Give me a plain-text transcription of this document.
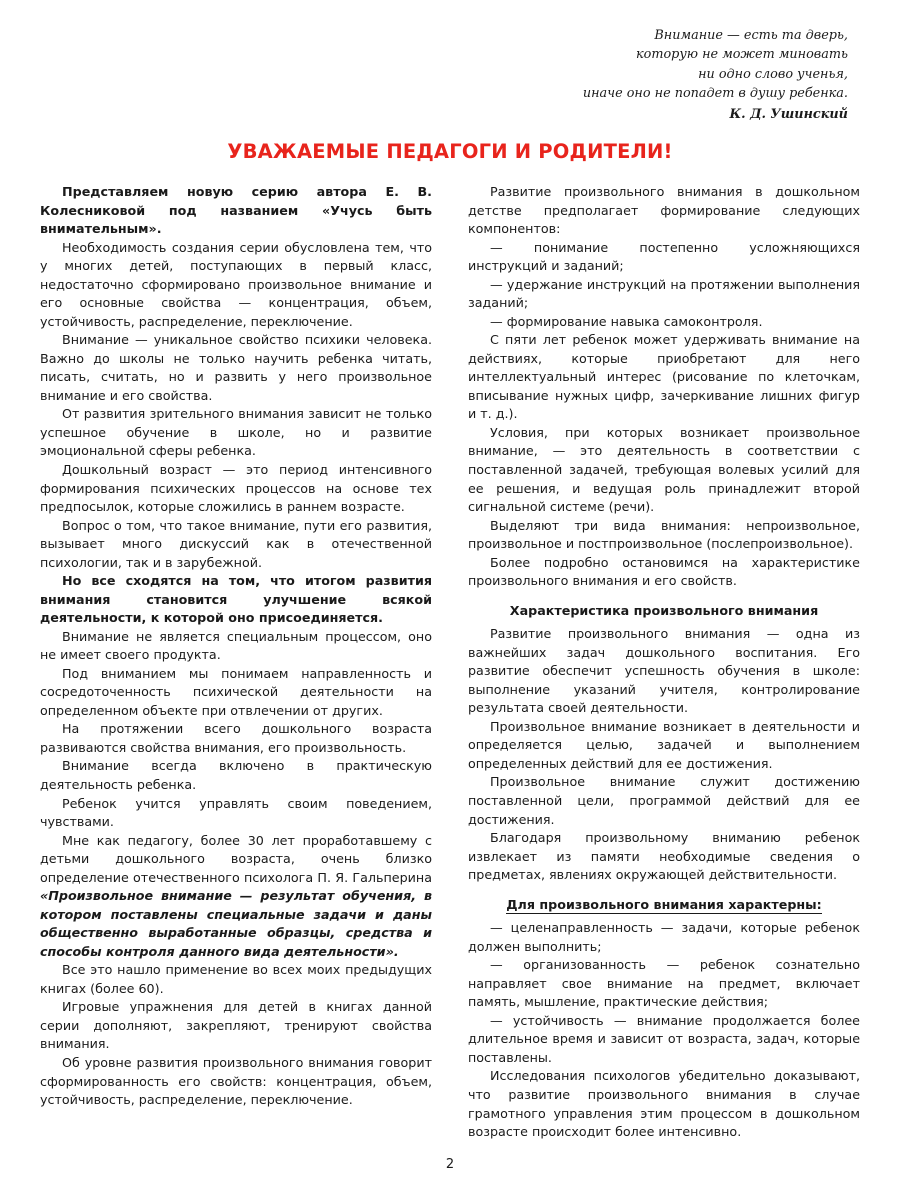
Внимание — есть та дверь,
которую не может миновать
ни одно слово ученья,
иначе оно не попадет в душу ребенка.
К. Д. Ушинский
УВАЖАЕМЫЕ ПЕДАГОГИ И РОДИТЕЛИ!

Представляем новую серию автора Е. В. Колесниковой под названием «Учусь быть внимательным».

Необходимость создания серии обусловлена тем, что у многих детей, поступающих в первый класс, недостаточно сформировано произвольное внимание и его основные свойства — концентрация, объем, устойчивость, распределение, переключение.

Внимание — уникальное свойство психики человека. Важно до школы не только научить ребенка читать, писать, считать, но и развить у него произвольное внимание и его свойства.

От развития зрительного внимания зависит не только успешное обучение в школе, но и развитие эмоциональной сферы ребенка.

Дошкольный возраст — это период интенсивного формирования психических процессов на основе тех предпосылок, которые сложились в раннем возрасте.

Вопрос о том, что такое внимание, пути его развития, вызывает много дискуссий как в отечественной психологии, так и в зарубежной.

Но все сходятся на том, что итогом развития внимания становится улучшение всякой деятельности, к которой оно присоединяется.

Внимание не является специальным процессом, оно не имеет своего продукта.

Под вниманием мы понимаем направленность и сосредоточенность психической деятельности на определенном объекте при отвлечении от других.

На протяжении всего дошкольного возраста развиваются свойства внимания, его произвольность.

Внимание всегда включено в практическую деятельность ребенка.

Ребенок учится управлять своим поведением, чувствами.

Мне как педагогу, более 30 лет проработавшему с детьми дошкольного возраста, очень близко определение отечественного психолога П. Я. Гальперина «Произвольное внимание — результат обучения, в котором поставлены специальные задачи и даны общественно выработанные образцы, средства и способы контроля данного вида деятельности».

Все это нашло применение во всех моих предыдущих книгах (более 60).

Игровые упражнения для детей в книгах данной серии дополняют, закрепляют, тренируют свойства внимания.

Об уровне развития произвольного внимания говорит сформированность его свойств: концентрация, объем, устойчивость, распределение, переключение.

Развитие произвольного внимания в дошкольном детстве предполагает формирование следующих компонентов:

— понимание постепенно усложняющихся инструкций и заданий;

— удержание инструкций на протяжении выполнения заданий;

— формирование навыка самоконтроля.

С пяти лет ребенок может удерживать внимание на действиях, которые приобретают для него интеллектуальный интерес (рисование по клеточкам, вписывание нужных цифр, зачеркивание лишних фигур и т. д.).

Условия, при которых возникает произвольное внимание, — это деятельность в соответствии с поставленной задачей, требующая волевых усилий для ее решения, и ведущая роль принадлежит второй сигнальной системе (речи).

Выделяют три вида внимания: непроизвольное, произвольное и постпроизвольное (послепроизвольное).

Более подробно остановимся на характеристике произвольного внимания и его свойств.

Характеристика произвольного внимания

Развитие произвольного внимания — одна из важнейших задач дошкольного воспитания. Его развитие обеспечит успешность обучения в школе: выполнение указаний учителя, контролирование результата своей деятельности.

Произвольное внимание возникает в деятельности и определяется целью, задачей и выполнением определенных действий для ее достижения.

Произвольное внимание служит достижению поставленной цели, программой действий для ее достижения.

Благодаря произвольному вниманию ребенок извлекает из памяти необходимые сведения о предметах, явлениях окружающей действительности.

Для произвольного внимания характерны:

— целенаправленность — задачи, которые ребенок должен выполнить;

— организованность — ребенок сознательно направляет свое внимание на предмет, включает память, мышление, практические действия;

— устойчивость — внимание продолжается более длительное время и зависит от возраста, задач, которые поставлены.

Исследования психологов убедительно доказывают, что развитие произвольного внимания в случае грамотного управления этим процессом в дошкольном возрасте происходит более интенсивно.

2
